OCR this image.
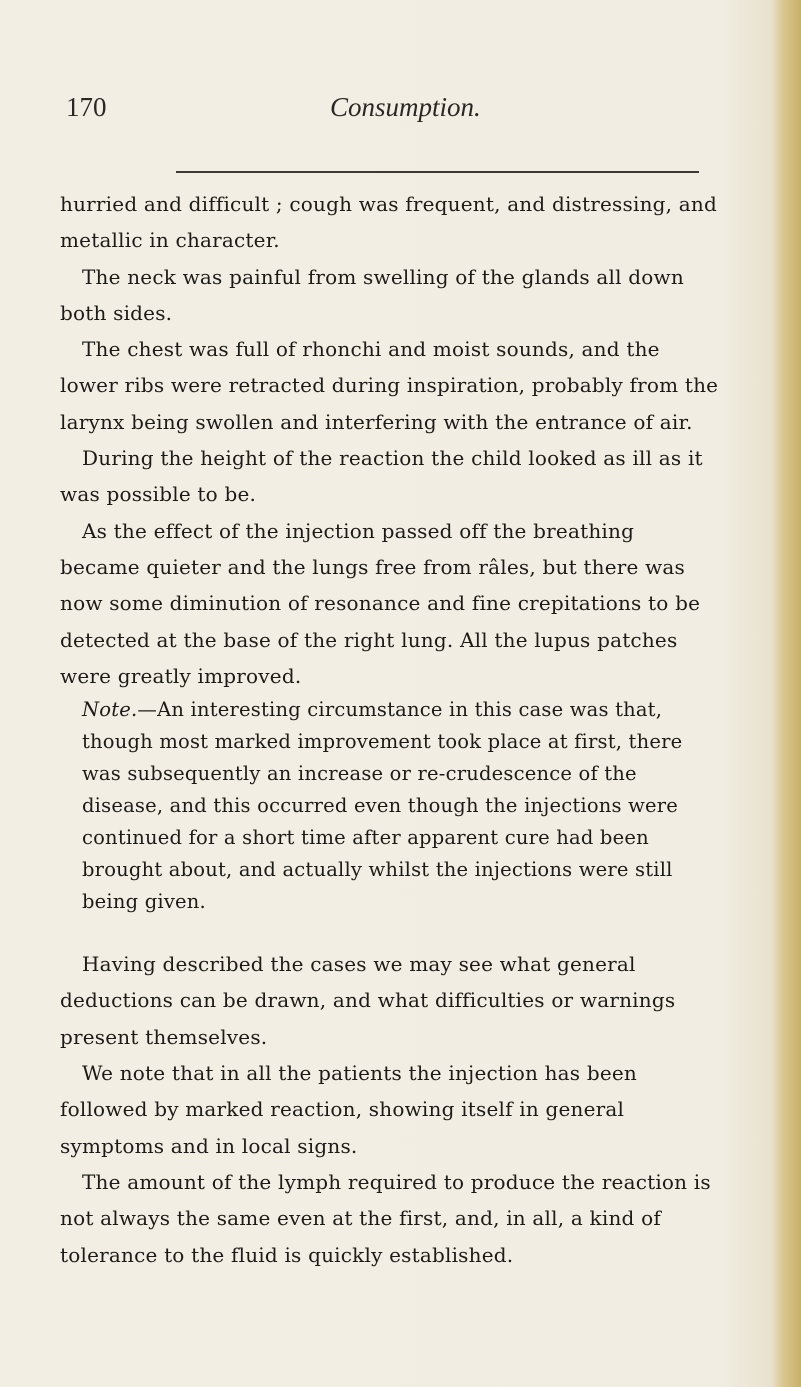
170	Consumption.

hurried and difficult ; cough was frequent, and distressing, and metallic in character.

The neck was painful from swelling of the glands all down both sides.

The chest was full of rhonchi and moist sounds, and the lower ribs were retracted during inspiration, probably from the larynx being swollen and interfering with the entrance of air.

During the height of the reaction the child looked as ill as it was possible to be.

As the effect of the injection passed off the breathing became quieter and the lungs free from râles, but there was now some diminution of resonance and fine crepitations to be detected at the base of the right lung. All the lupus patches were greatly improved.

Note.—An interesting circumstance in this case was that, though most marked improvement took place at first, there was subsequently an increase or re-crudescence of the disease, and this occurred even though the injections were continued for a short time after apparent cure had been brought about, and actually whilst the injections were still being given.

Having described the cases we may see what general deductions can be drawn, and what difficulties or warnings present themselves.

We note that in all the patients the injection has been followed by marked reaction, showing itself in general symptoms and in local signs.

The amount of the lymph required to produce the reaction is not always the same even at the first, and, in all, a kind of tolerance to the fluid is quickly established.
